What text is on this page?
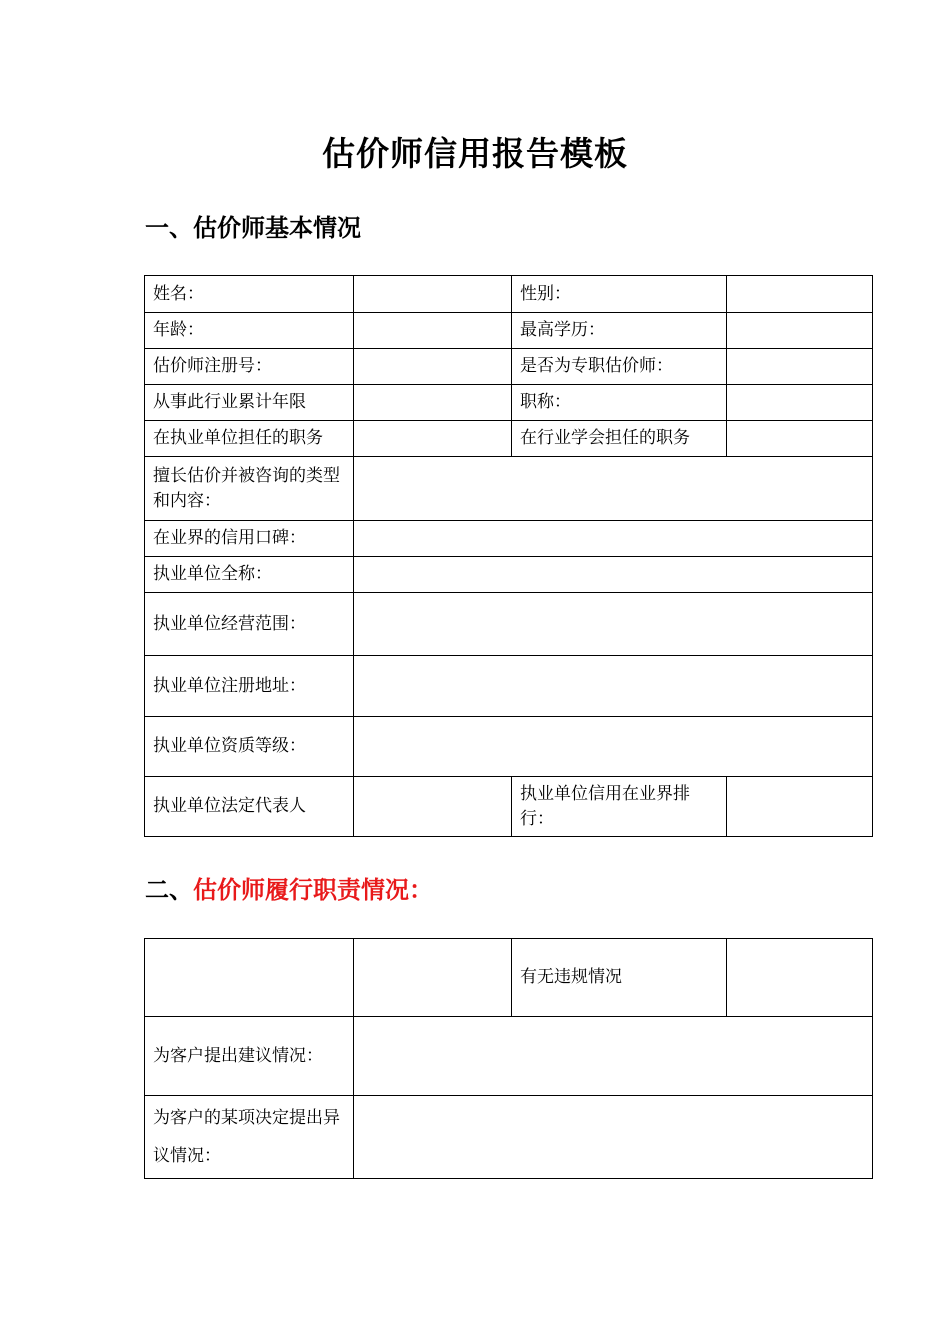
估价师信用报告模板
一、估价师基本情况
姓名：		性别：	
年龄：		最高学历：	
估价师注册号：		是否为专职估价师：	
从事此行业累计年限		职称：	
在执业单位担任的职务		在行业学会担任的职务	
擅长估价并被咨询的类型和内容：			
在业界的信用口碑：			
执业单位全称：			
执业单位经营范围：			
执业单位注册地址：			
执业单位资质等级：			
执业单位法定代表人		执业单位信用在业界排行：	
二、估价师履行职责情况：
		有无违规情况	
为客户提出建议情况：			
为客户的某项决定提出异议情况：			
